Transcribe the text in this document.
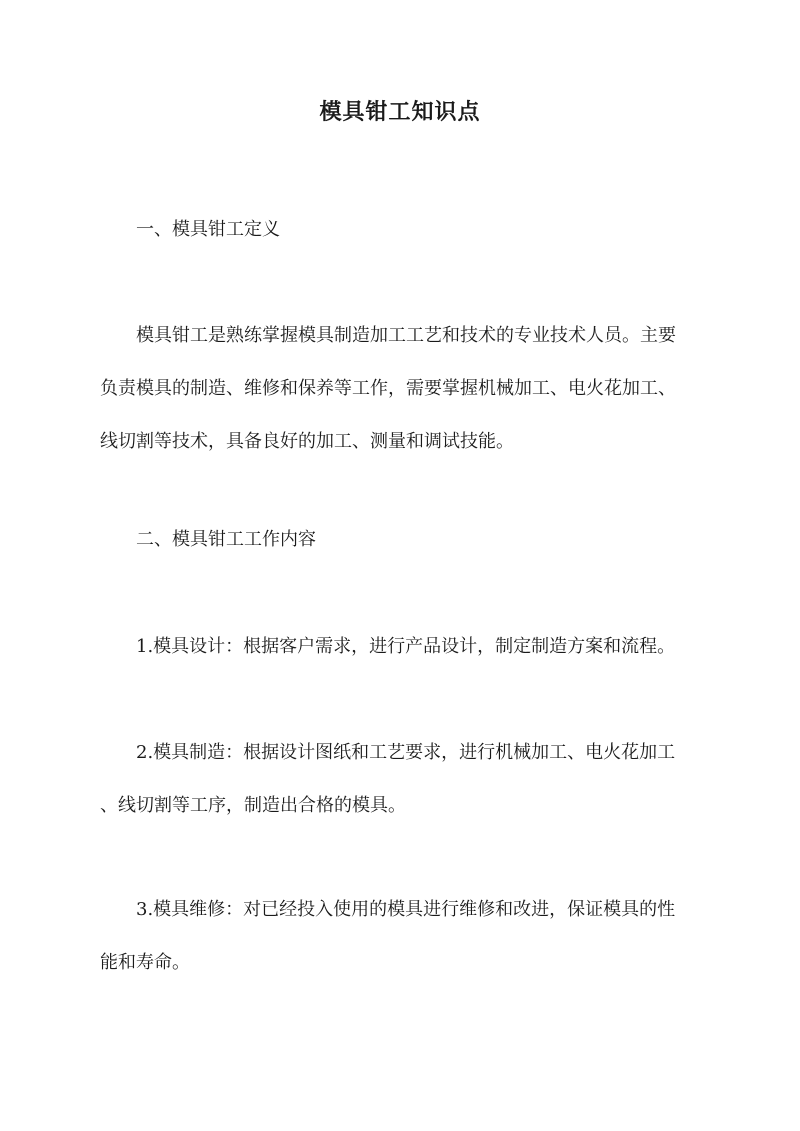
模具钳工知识点
一、模具钳工定义
模具钳工是熟练掌握模具制造加工工艺和技术的专业技术人员。主要
负责模具的制造、维修和保养等工作，需要掌握机械加工、电火花加工、
线切割等技术，具备良好的加工、测量和调试技能。
二、模具钳工工作内容
1.模具设计：根据客户需求，进行产品设计，制定制造方案和流程。
2.模具制造：根据设计图纸和工艺要求，进行机械加工、电火花加工
、线切割等工序，制造出合格的模具。
3.模具维修：对已经投入使用的模具进行维修和改进，保证模具的性
能和寿命。
